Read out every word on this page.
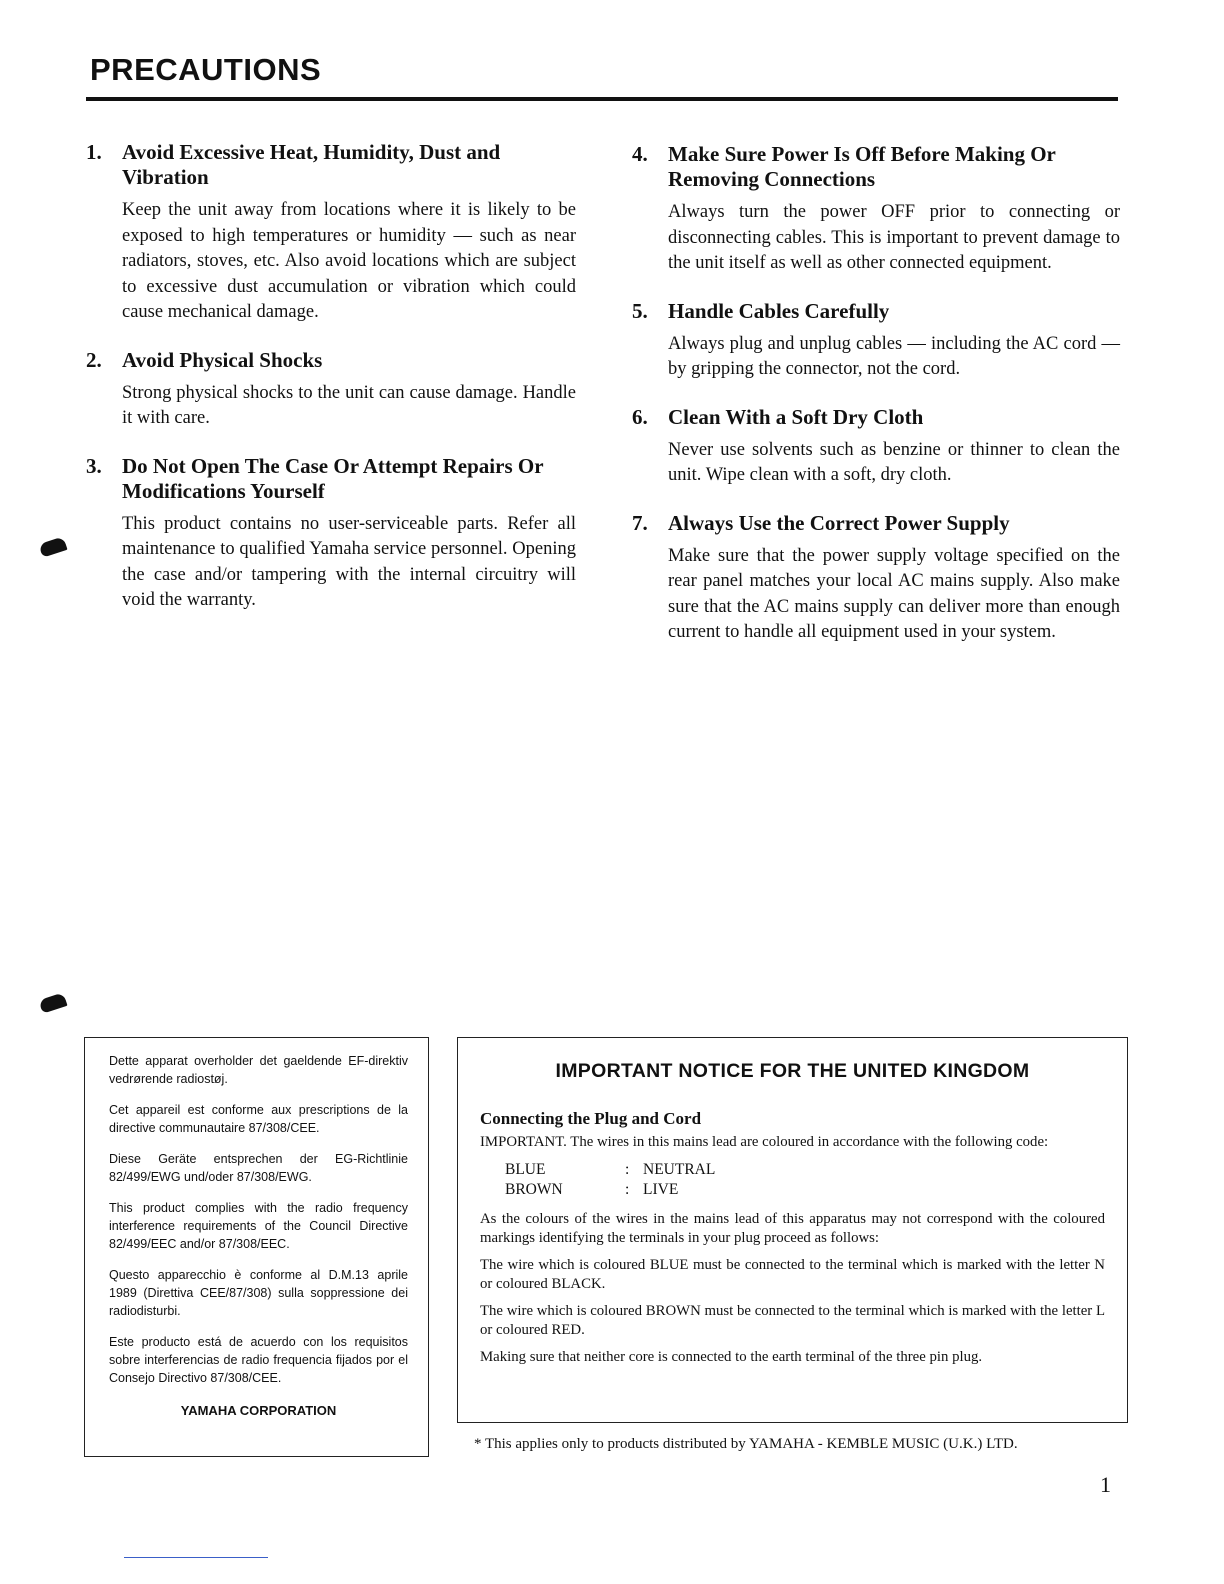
PRECAUTIONS
1. Avoid Excessive Heat, Humidity, Dust and Vibration

Keep the unit away from locations where it is likely to be exposed to high temperatures or humidity — such as near radiators, stoves, etc. Also avoid locations which are subject to excessive dust accumulation or vibration which could cause mechanical damage.

2. Avoid Physical Shocks

Strong physical shocks to the unit can cause damage. Handle it with care.

3. Do Not Open The Case Or Attempt Repairs Or Modifications Yourself

This product contains no user-serviceable parts. Refer all maintenance to qualified Yamaha service personnel. Opening the case and/or tampering with the internal circuitry will void the warranty.

4. Make Sure Power Is Off Before Making Or Removing Connections

Always turn the power OFF prior to connecting or disconnecting cables. This is important to prevent damage to the unit itself as well as other connected equipment.

5. Handle Cables Carefully

Always plug and unplug cables — including the AC cord — by gripping the connector, not the cord.

6. Clean With a Soft Dry Cloth

Never use solvents such as benzine or thinner to clean the unit. Wipe clean with a soft, dry cloth.

7. Always Use the Correct Power Supply

Make sure that the power supply voltage specified on the rear panel matches your local AC mains supply. Also make sure that the AC mains supply can deliver more than enough current to handle all equipment used in your system.

Dette apparat overholder det gaeldende EF-direktiv vedrørende radiostøj.

Cet appareil est conforme aux prescriptions de la directive communautaire 87/308/CEE.

Diese Geräte entsprechen der EG-Richtlinie 82/499/EWG und/oder 87/308/EWG.

This product complies with the radio frequency interference requirements of the Council Directive 82/499/EEC and/or 87/308/EEC.

Questo apparecchio è conforme al D.M.13 aprile 1989 (Direttiva CEE/87/308) sulla soppressione dei radiodisturbi.

Este producto está de acuerdo con los requisitos sobre interferencias de radio frequencia fijados por el Consejo Directivo 87/308/CEE.

YAMAHA CORPORATION
IMPORTANT NOTICE FOR THE UNITED KINGDOM
Connecting the Plug and Cord

IMPORTANT. The wires in this mains lead are coloured in accordance with the following code:

BLUE	: NEUTRAL
BROWN	: LIVE

As the colours of the wires in the mains lead of this apparatus may not correspond with the coloured markings identifying the terminals in your plug proceed as follows:

The wire which is coloured BLUE must be connected to the terminal which is marked with the letter N or coloured BLACK.

The wire which is coloured BROWN must be connected to the terminal which is marked with the letter L or coloured RED.

Making sure that neither core is connected to the earth terminal of the three pin plug.

* This applies only to products distributed by YAMAHA - KEMBLE MUSIC (U.K.) LTD.
1
